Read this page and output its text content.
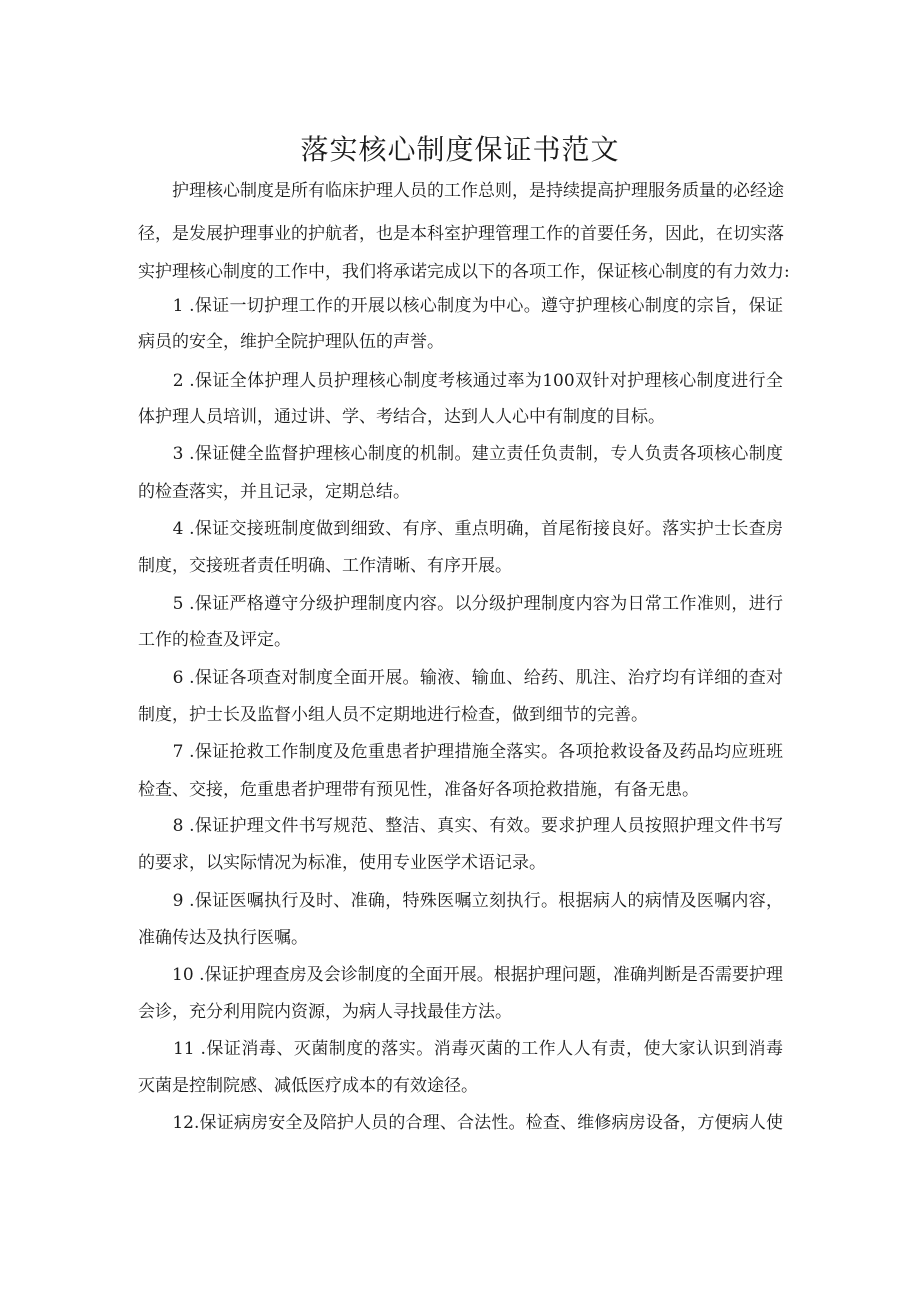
落实核心制度保证书范文
　　护理核心制度是所有临床护理人员的工作总则，是持续提高护理服务质量的必经途
径，是发展护理事业的护航者，也是本科室护理管理工作的首要任务，因此，在切实落
实护理核心制度的工作中，我们将承诺完成以下的各项工作，保证核心制度的有力效力:
　　1 .保证一切护理工作的开展以核心制度为中心。遵守护理核心制度的宗旨，保证
病员的安全，维护全院护理队伍的声誉。
　　2 .保证全体护理人员护理核心制度考核通过率为100双针对护理核心制度进行全
体护理人员培训，通过讲、学、考结合，达到人人心中有制度的目标。
　　3 .保证健全监督护理核心制度的机制。建立责任负责制，专人负责各项核心制度
的检查落实，并且记录，定期总结。
　　4 .保证交接班制度做到细致、有序、重点明确，首尾衔接良好。落实护士长查房
制度，交接班者责任明确、工作清晰、有序开展。
　　5 .保证严格遵守分级护理制度内容。以分级护理制度内容为日常工作准则，进行
工作的检查及评定。
　　6 .保证各项查对制度全面开展。输液、输血、给药、肌注、治疗均有详细的查对
制度，护士长及监督小组人员不定期地进行检查，做到细节的完善。
　　7 .保证抢救工作制度及危重患者护理措施全落实。各项抢救设备及药品均应班班
检查、交接，危重患者护理带有预见性，准备好各项抢救措施，有备无患。
　　8 .保证护理文件书写规范、整洁、真实、有效。要求护理人员按照护理文件书写
的要求，以实际情况为标准，使用专业医学术语记录。
　　9 .保证医嘱执行及时、准确，特殊医嘱立刻执行。根据病人的病情及医嘱内容，
准确传达及执行医嘱。
　　10 .保证护理查房及会诊制度的全面开展。根据护理问题，准确判断是否需要护理
会诊，充分利用院内资源，为病人寻找最佳方法。
　　11 .保证消毒、灭菌制度的落实。消毒灭菌的工作人人有责，使大家认识到消毒
灭菌是控制院感、减低医疗成本的有效途径。
　　12.保证病房安全及陪护人员的合理、合法性。检查、维修病房设备，方便病人使
